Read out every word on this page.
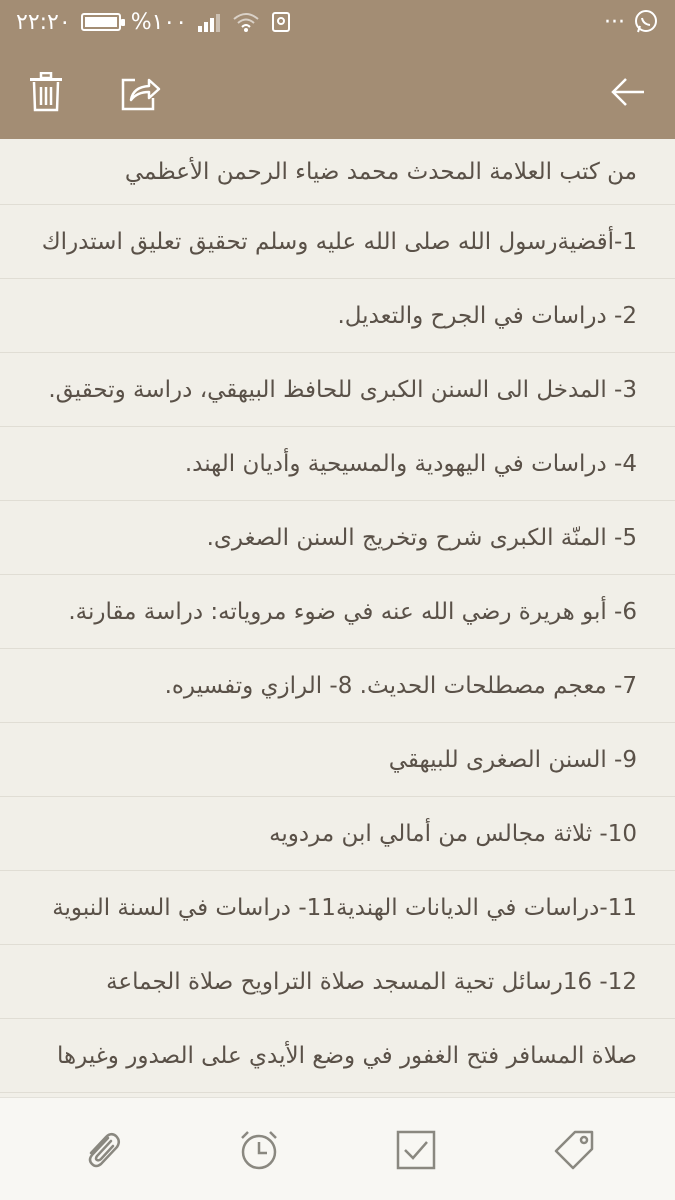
٢٢:٢٠	%١٠٠	···
من كتب العلامة المحدث محمد ضياء الرحمن الأعظمي
1-أقضيةرسول الله صلى الله عليه وسلم تحقيق تعليق استدراك
2- دراسات في الجرح والتعديل.
3- المدخل الى السنن الكبرى للحافظ البيهقي، دراسة وتحقيق.
4- دراسات في اليهودية والمسيحية وأديان الهند.
5- المنّة الكبرى شرح وتخريج السنن الصغرى.
6- أبو هريرة رضي الله عنه في ضوء مروياته: دراسة مقارنة.
7- معجم مصطلحات الحديث. 8- الرازي وتفسيره.
9- السنن الصغرى للبيهقي
10- ثلاثة مجالس من أمالي ابن مردويه
11-دراسات في الديانات الهندية11- دراسات في السنة النبوية
12- 16رسائل تحية المسجد صلاة التراويح صلاة الجماعة
صلاة المسافر فتح الغفور في وضع الأيدي على الصدور وغيرها
